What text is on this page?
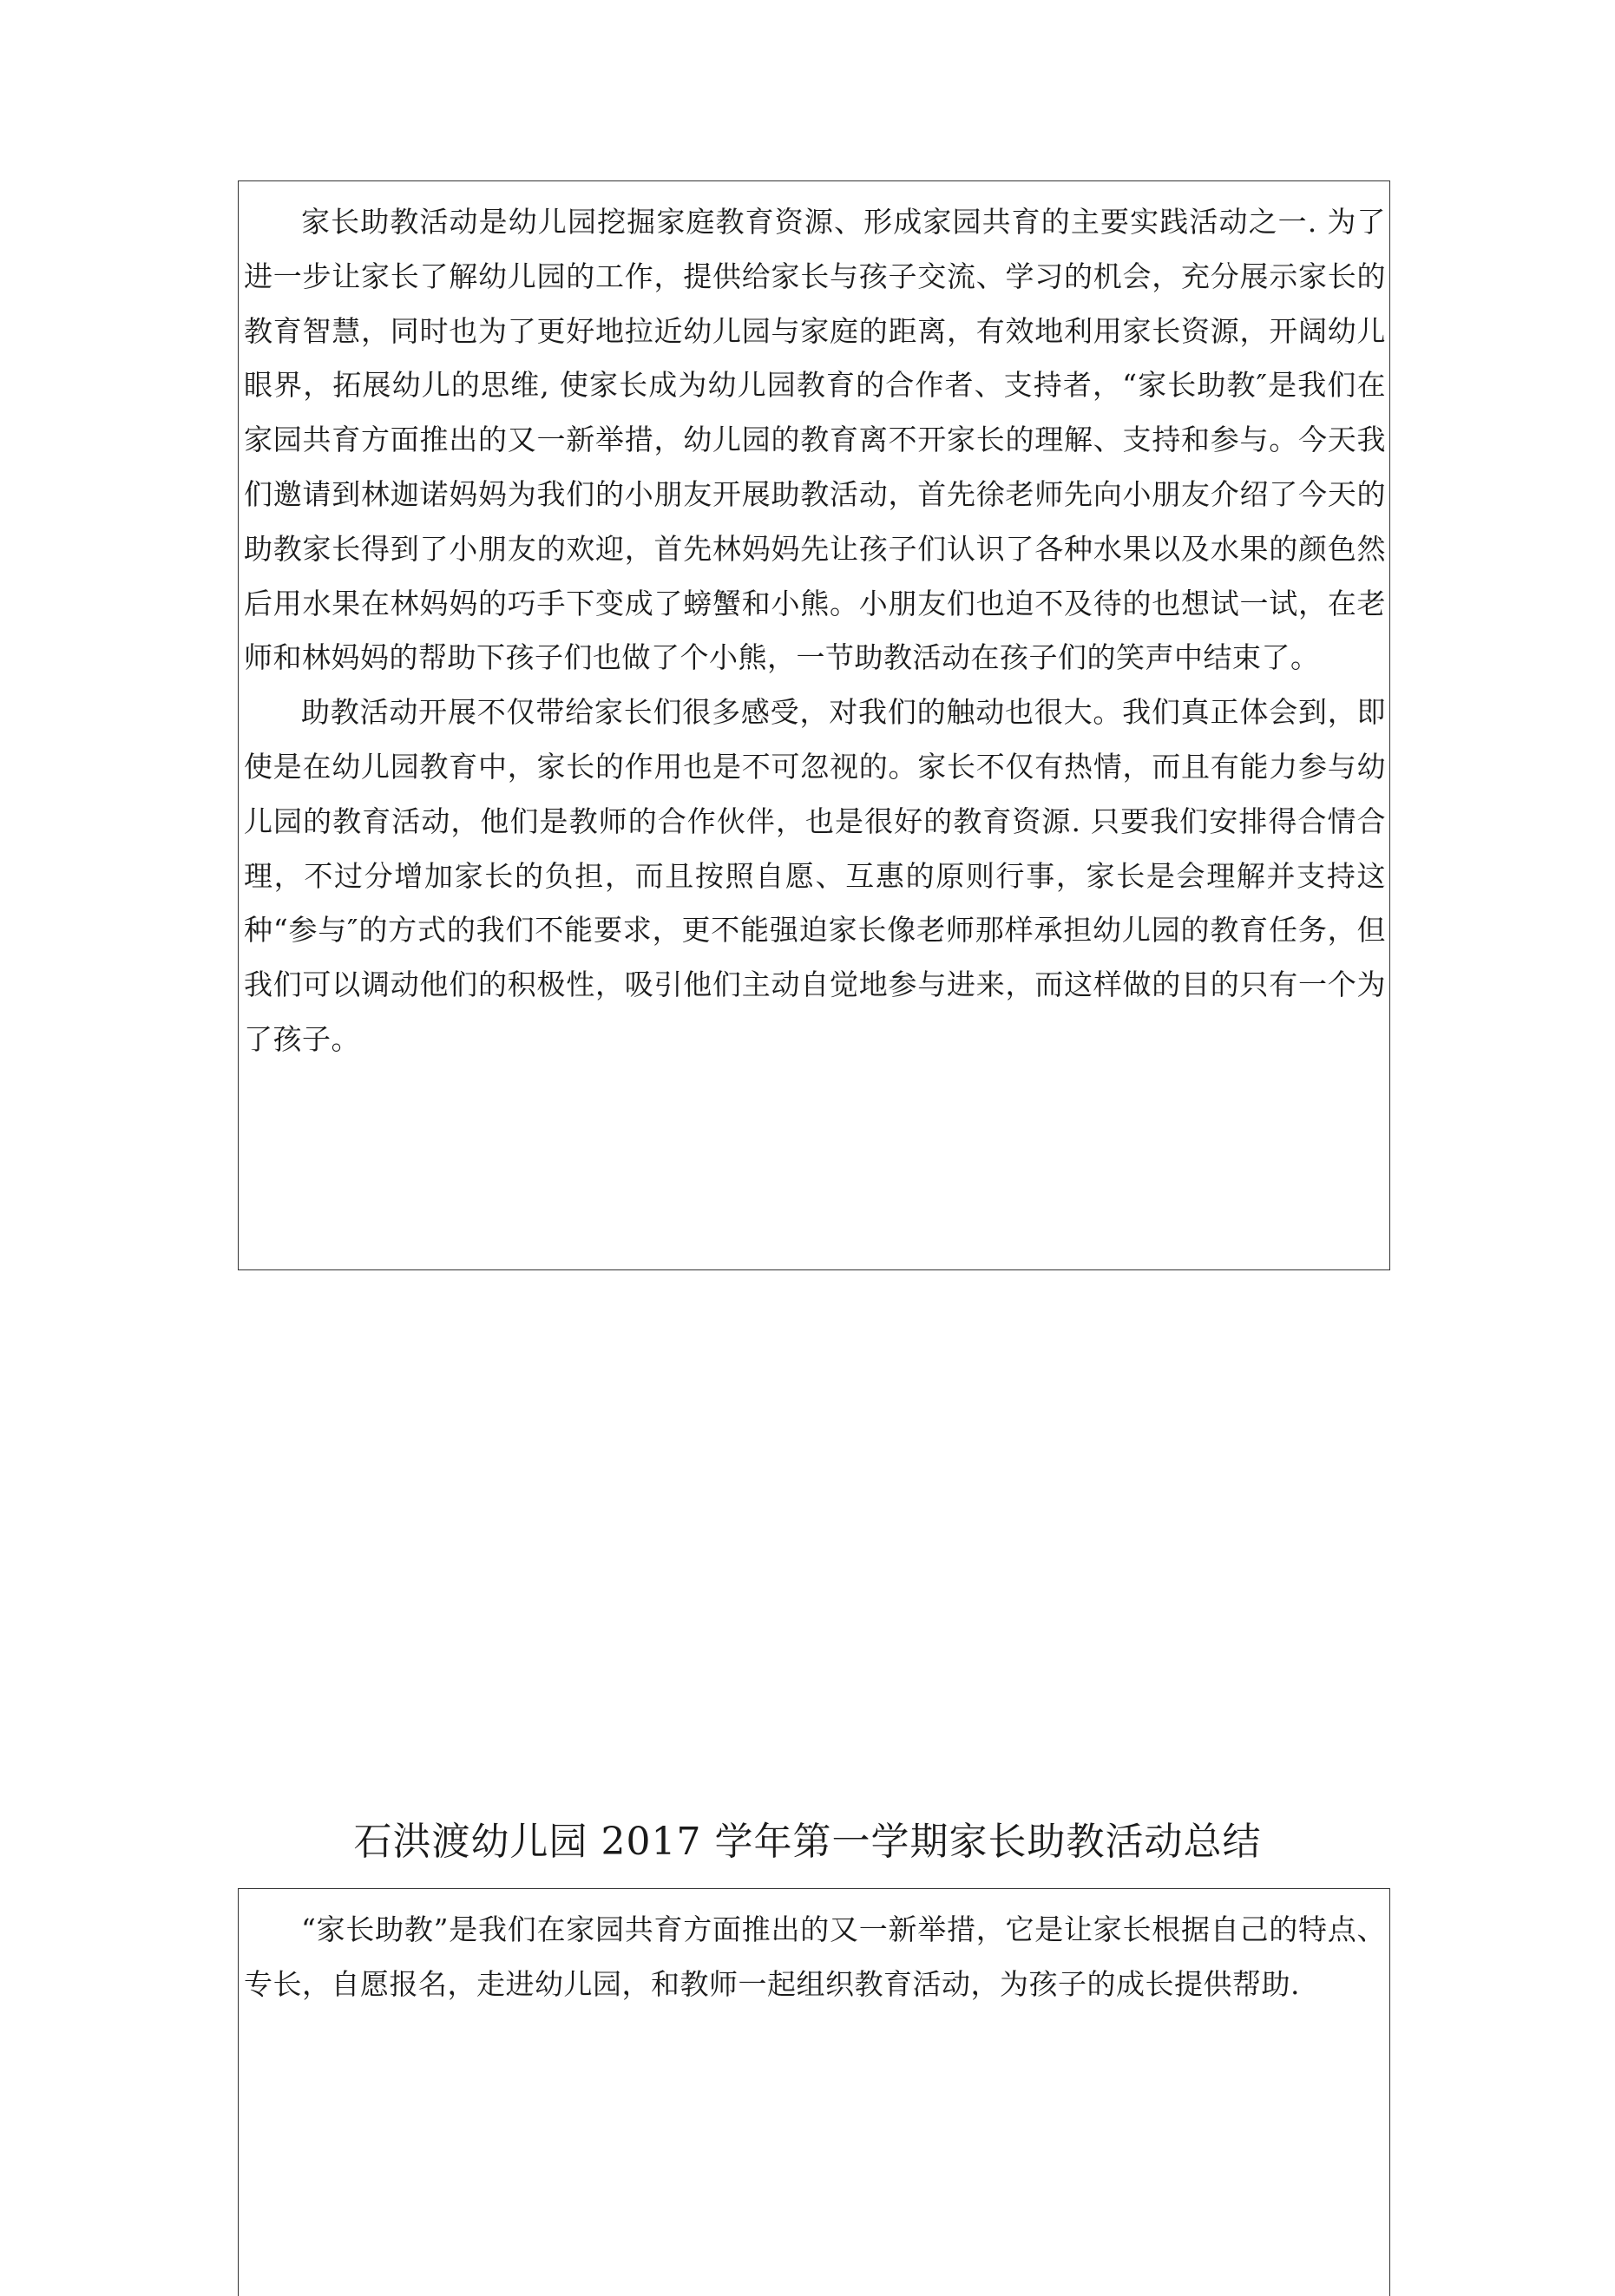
家长助教活动是幼儿园挖掘家庭教育资源、形成家园共育的主要实践活动之一. 为了进一步让家长了解幼儿园的工作，提供给家长与孩子交流、学习的机会，充分展示家长的教育智慧，同时也为了更好地拉近幼儿园与家庭的距离，有效地利用家长资源，开阔幼儿眼界，拓展幼儿的思维, 使家长成为幼儿园教育的合作者、支持者，“家长助教″是我们在家园共育方面推出的又一新举措，幼儿园的教育离不开家长的理解、支持和参与。今天我们邀请到林迦诺妈妈为我们的小朋友开展助教活动，首先徐老师先向小朋友介绍了今天的助教家长得到了小朋友的欢迎，首先林妈妈先让孩子们认识了各种水果以及水果的颜色然后用水果在林妈妈的巧手下变成了螃蟹和小熊。小朋友们也迫不及待的也想试一试，在老师和林妈妈的帮助下孩子们也做了个小熊，一节助教活动在孩子们的笑声中结束了。

助教活动开展不仅带给家长们很多感受，对我们的触动也很大。我们真正体会到，即使是在幼儿园教育中，家长的作用也是不可忽视的。家长不仅有热情，而且有能力参与幼儿园的教育活动，他们是教师的合作伙伴，也是很好的教育资源. 只要我们安排得合情合理，不过分增加家长的负担，而且按照自愿、互惠的原则行事，家长是会理解并支持这种“参与″的方式的我们不能要求，更不能强迫家长像老师那样承担幼儿园的教育任务，但我们可以调动他们的积极性，吸引他们主动自觉地参与进来，而这样做的目的只有一个为了孩子。

石洪渡幼儿园 2017 学年第一学期家长助教活动总结

“家长助教”是我们在家园共育方面推出的又一新举措，它是让家长根据自己的特点、专长，自愿报名，走进幼儿园，和教师一起组织教育活动，为孩子的成长提供帮助.
